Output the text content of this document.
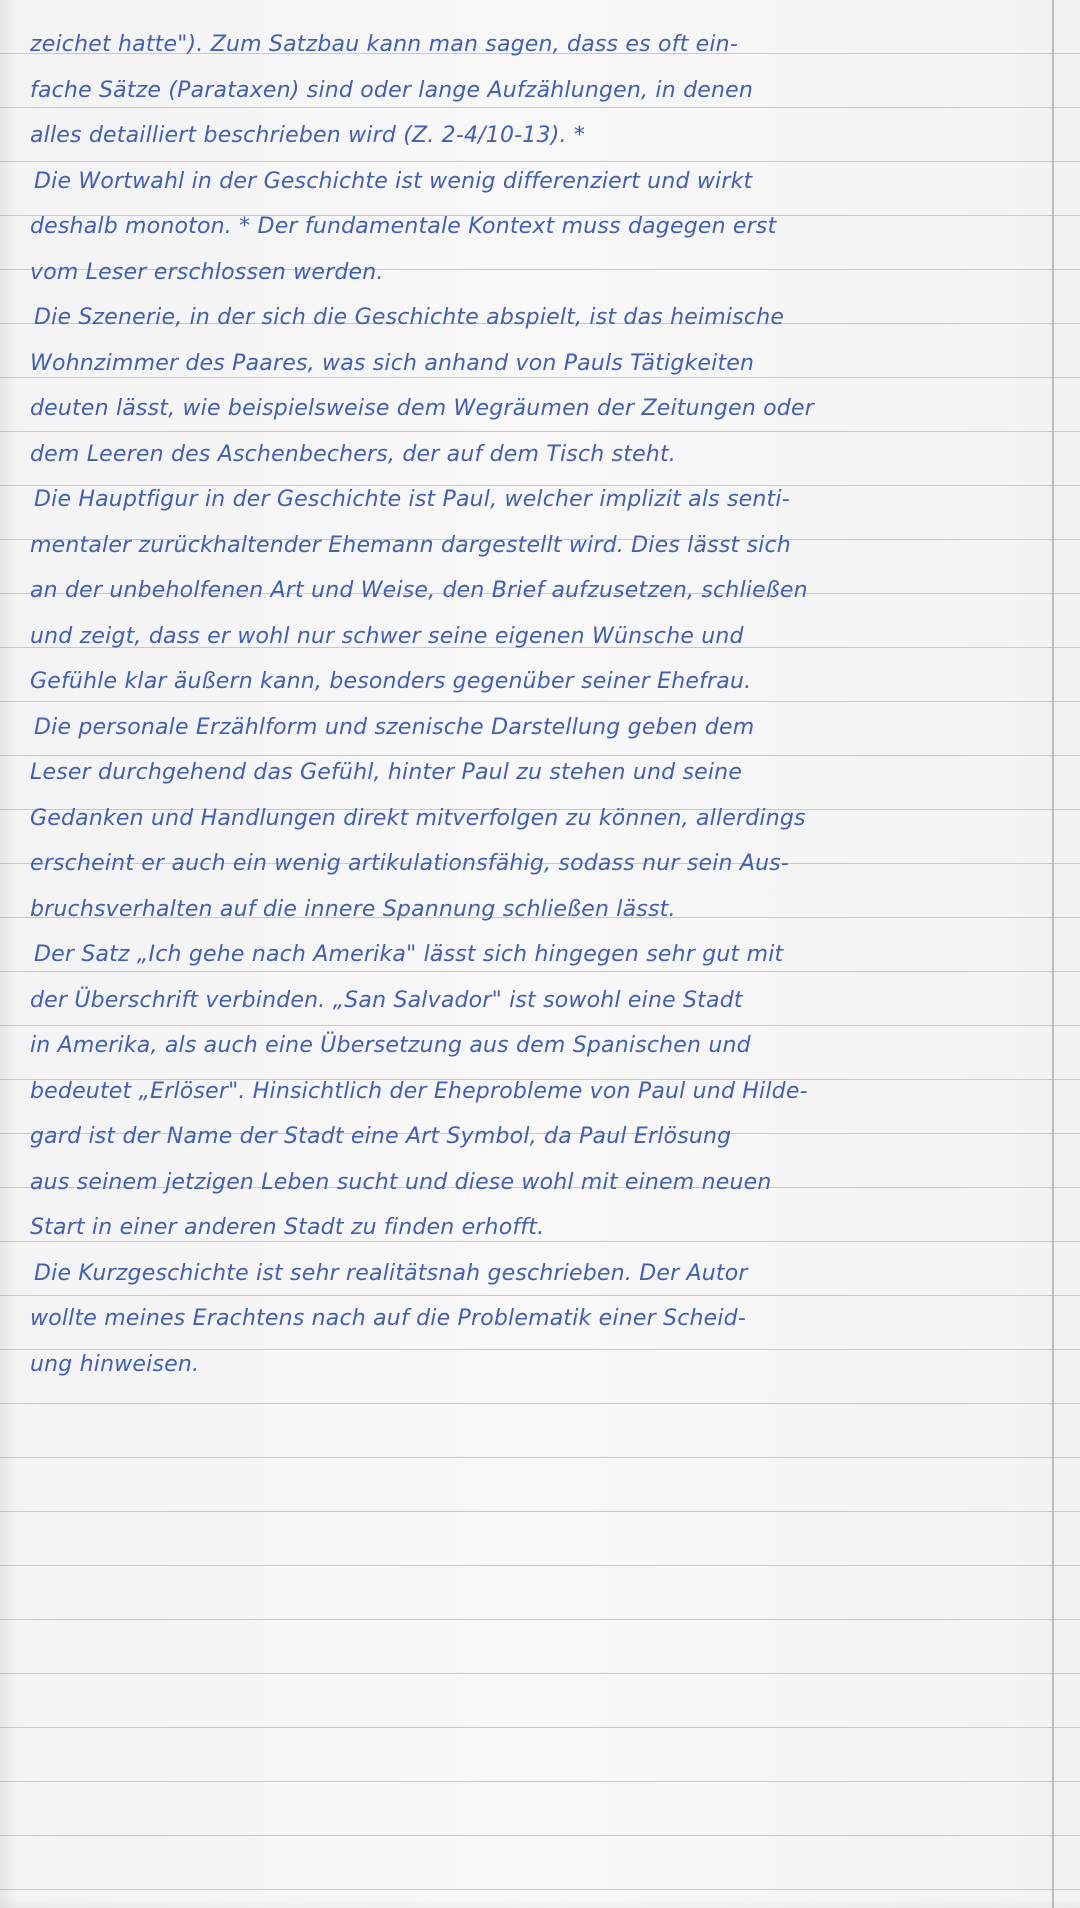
zeichet hatte"). Zum Satzbau kann man sagen, dass es oft ein-
fache Sätze (Parataxen) sind oder lange Aufzählungen, in denen
alles detailliert beschrieben wird (Z. 2-4/10-13). *
Die Wortwahl in der Geschichte ist wenig differenziert und wirkt
deshalb monoton. * Der fundamentale Kontext muss dagegen erst
vom Leser erschlossen werden.
Die Szenerie, in der sich die Geschichte abspielt, ist das heimische
Wohnzimmer des Paares, was sich anhand von Pauls Tätigkeiten
deuten lässt, wie beispielsweise dem Wegräumen der Zeitungen oder
dem Leeren des Aschenbechers, der auf dem Tisch steht.
Die Hauptfigur in der Geschichte ist Paul, welcher implizit als senti-
mentaler zurückhaltender Ehemann dargestellt wird. Dies lässt sich
an der unbeholfenen Art und Weise, den Brief aufzusetzen, schließen
und zeigt, dass er wohl nur schwer seine eigenen Wünsche und
Gefühle klar äußern kann, besonders gegenüber seiner Ehefrau.
Die personale Erzählform und szenische Darstellung geben dem
Leser durchgehend das Gefühl, hinter Paul zu stehen und seine
Gedanken und Handlungen direkt mitverfolgen zu können, allerdings
erscheint er auch ein wenig artikulationsfähig, sodass nur sein Aus-
bruchsverhalten auf die innere Spannung schließen lässt.
Der Satz „Ich gehe nach Amerika" lässt sich hingegen sehr gut mit
der Überschrift verbinden. „San Salvador" ist sowohl eine Stadt
in Amerika, als auch eine Übersetzung aus dem Spanischen und
bedeutet „Erlöser". Hinsichtlich der Eheprobleme von Paul und Hilde-
gard ist der Name der Stadt eine Art Symbol, da Paul Erlösung
aus seinem jetzigen Leben sucht und diese wohl mit einem neuen
Start in einer anderen Stadt zu finden erhofft.
Die Kurzgeschichte ist sehr realitätsnah geschrieben. Der Autor
wollte meines Erachtens nach auf die Problematik einer Scheid-
ung hinweisen.
